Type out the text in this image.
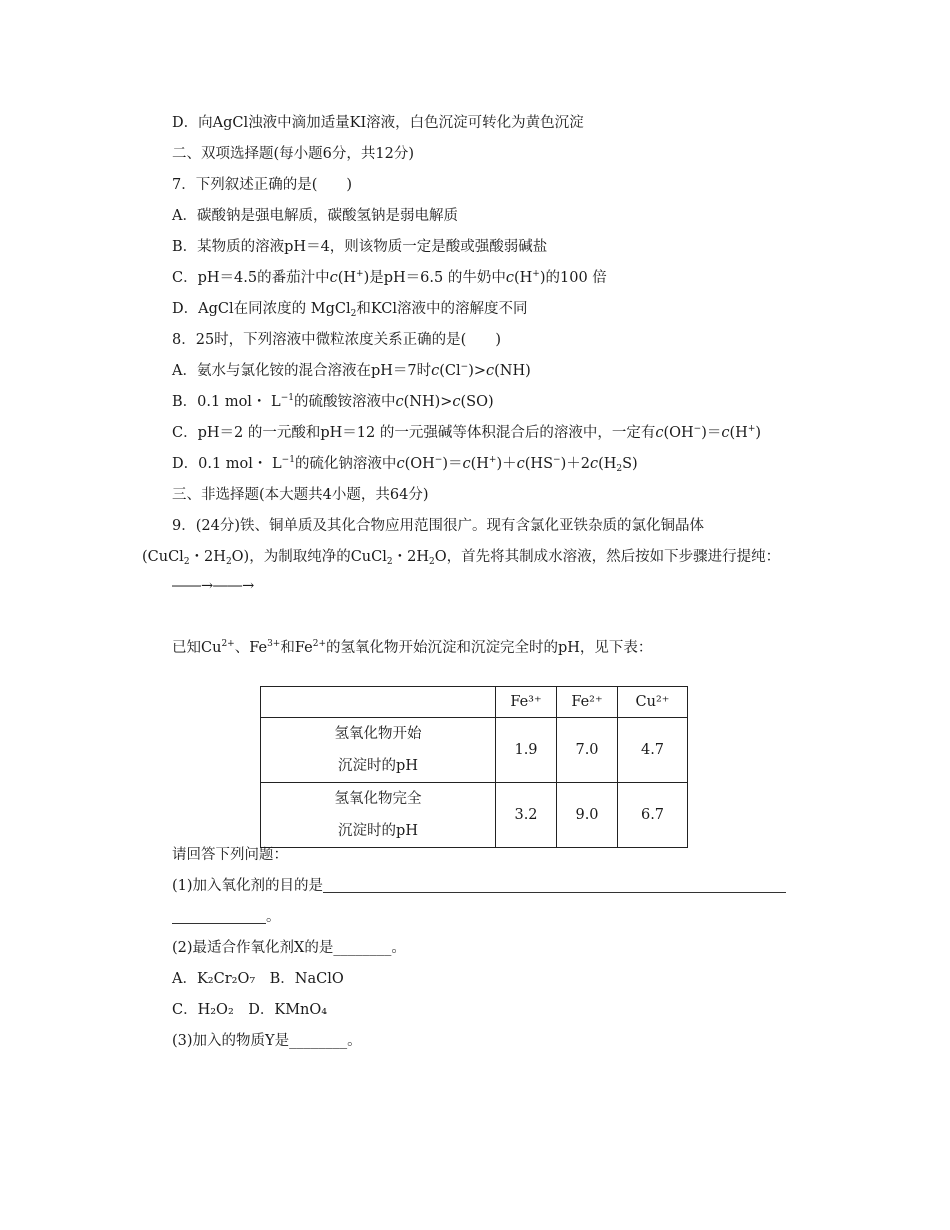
D．向AgCl浊液中滴加适量KI溶液，白色沉淀可转化为黄色沉淀
二、双项选择题(每小题6分，共12分)
7．下列叙述正确的是(　　)
A．碳酸钠是强电解质，碳酸氢钠是弱电解质
B．某物质的溶液pH＝4，则该物质一定是酸或强酸弱碱盐
C．pH＝4.5的番茄汁中c(H+)是pH＝6.5 的牛奶中c(H+)的100 倍
D．AgCl在同浓度的 MgCl$_2$和KCl溶液中的溶解度不同
8．25时，下列溶液中微粒浓度关系正确的是(　　)
A．氨水与氯化铵的混合溶液在pH＝7时c(Cl−)>c(NH)
B．0.1 mol・ $L^{-1}$的硫酸铵溶液中c(NH)>c(SO)
C．pH＝2 的一元酸和pH＝12 的一元强碱等体积混合后的溶液中，一定有c(OH−)＝c(H+)
D．0.1 mol・ $L^{-1}$的硫化钠溶液中$c(OH^-)=c(H^+)+c(HS^-)+2c(H_2S)$
三、非选择题(本大题共4小题，共64分)
9．(24分)铁、铜单质及其化合物应用范围很广。现有含氯化亚铁杂质的氯化铜晶体
(CuCl$_2$・$2H_2O$)，为制取纯净的CuCl$_2$・$2H_2O$，首先将其制成水溶液，然后按如下步骤进行提纯：
――→――→
已知$Cu^{2+}$、$Fe^{3+}$和$Fe^{2+}$的氢氧化物开始沉淀和沉淀完全时的pH，见下表：
	Fe³⁺	Fe²⁺	Cu²⁺

氢氧化物开始
沉淀时的pH	1.9	7.0	4.7

氢氧化物完全
沉淀时的pH	3.2	9.0	6.7
请回答下列问题：
(1)加入氧化剂的目的是
。
(2)最适合作氧化剂X的是________。
A．K₂Cr₂O₇　B．NaClO
C．H₂O₂　D．KMnO₄
(3)加入的物质Y是________。
